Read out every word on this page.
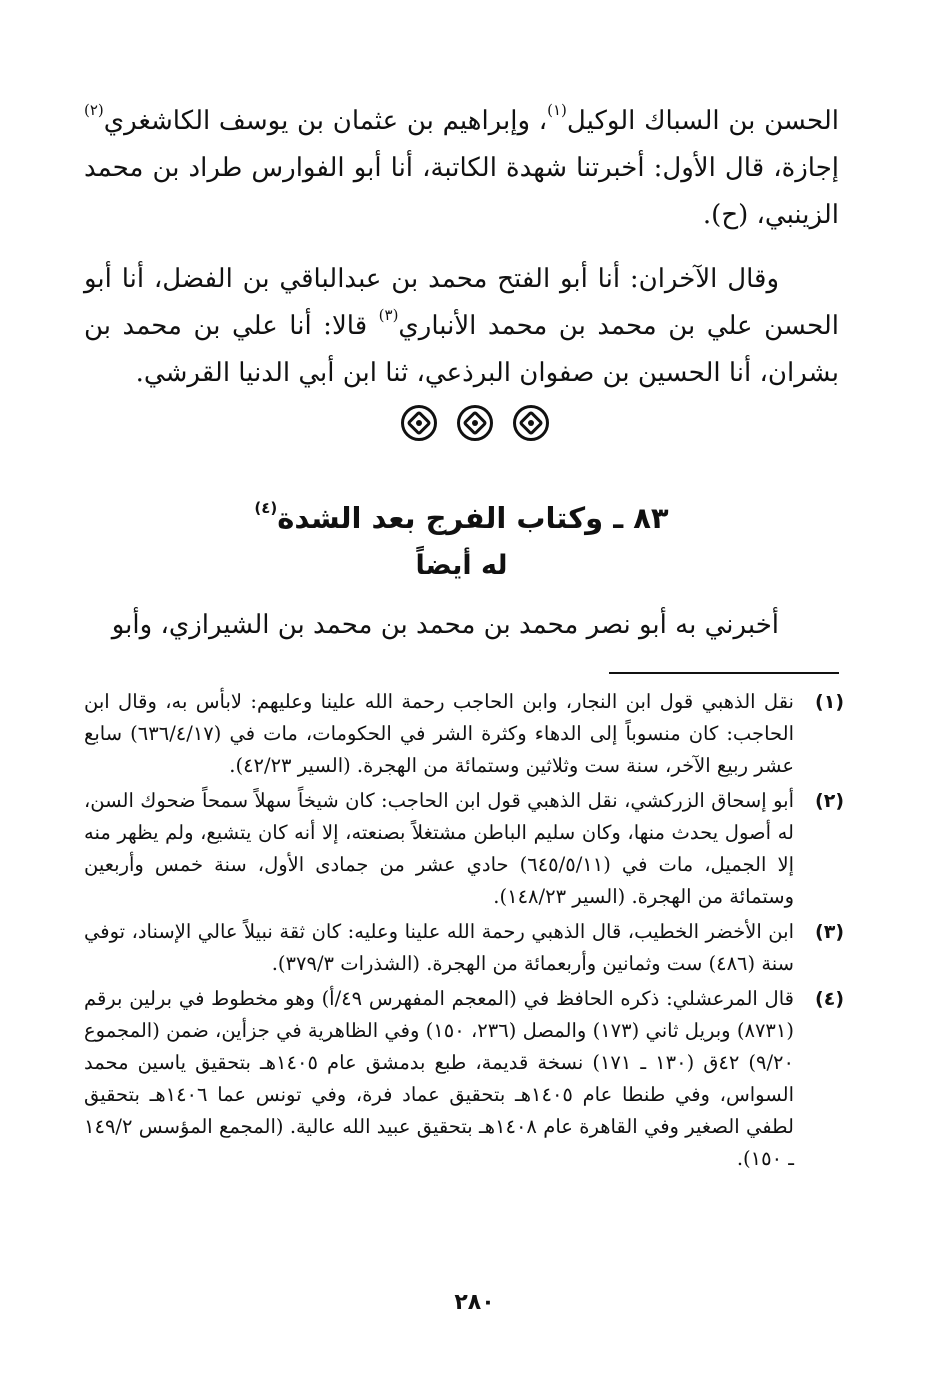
الحسن بن السباك الوكيل$^{(١)}$، وإبراهيم بن عثمان بن يوسف الكاشغري$^{(٢)}$ إجازة، قال الأول: أخبرتنا شهدة الكاتبة، أنا أبو الفوارس طراد بن محمد الزينبي، (ح).

وقال الآخران: أنا أبو الفتح محمد بن عبدالباقي بن الفضل، أنا أبو الحسن علي بن محمد بن محمد الأنباري$^{(٣)}$ قالا: أنا علي بن محمد بن بشران، أنا الحسين بن صفوان البرذعي، ثنا ابن أبي الدنيا القرشي.

٨٣ ـ وكتاب الفرج بعد الشدة$^{(٤)}$
له أيضاً

أخبرني به أبو نصر محمد بن محمد بن محمد بن الشيرازي، وأبو

(١)

نقل الذهبي قول ابن النجار، وابن الحاجب رحمة الله علينا وعليهم: لابأس به، وقال ابن الحاجب: كان منسوباً إلى الدهاء وكثرة الشر في الحكومات، مات في (٦٣٦/٤/١٧) سابع عشر ربيع الآخر، سنة ست وثلاثين وستمائة من الهجرة. (السير ٤٢/٢٣).

(٢)

أبو إسحاق الزركشي، نقل الذهبي قول ابن الحاجب: كان شيخاً سهلاً سمحاً ضحوك السن، له أصول يحدث منها، وكان سليم الباطن مشتغلاً بصنعته، إلا أنه كان يتشيع، ولم يظهر منه إلا الجميل، مات في (٦٤٥/٥/١١) حادي عشر من جمادى الأول، سنة خمس وأربعين وستمائة من الهجرة. (السير ١٤٨/٢٣).

(٣)

ابن الأخضر الخطيب، قال الذهبي رحمة الله علينا وعليه: كان ثقة نبيلاً عالي الإسناد، توفي سنة (٤٨٦) ست وثمانين وأربعمائة من الهجرة. (الشذرات ٣٧٩/٣).

(٤)

قال المرعشلي: ذكره الحافظ في (المعجم المفهرس ٤٩/أ) وهو مخطوط في برلين برقم (٨٧٣١) وبريل ثاني (١٧٣) والمصل (٢٣٦، ١٥٠) وفي الظاهرية في جزأين، ضمن (المجموع ٩/٢٠) ٤٢ق (١٣٠ ـ ١٧١) نسخة قديمة، طبع بدمشق عام ١٤٠٥هـ بتحقيق ياسين محمد السواس، وفي طنطا عام ١٤٠٥هـ بتحقيق عماد فرة، وفي تونس عما ١٤٠٦هـ بتحقيق لطفي الصغير وفي القاهرة عام ١٤٠٨هـ بتحقيق عبيد الله عالية. (المجمع المؤسس ١٤٩/٢ ـ ١٥٠).

٢٨٠
